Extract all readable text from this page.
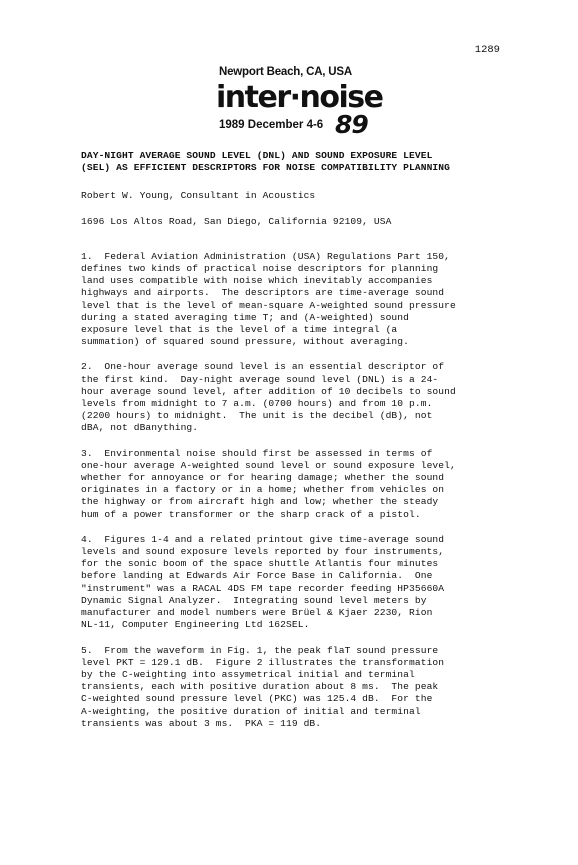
1289
Newport Beach, CA, USA
inter·noise
1989 December 4-6 89

DAY-NIGHT AVERAGE SOUND LEVEL (DNL) AND SOUND EXPOSURE LEVEL

(SEL) AS EFFICIENT DESCRIPTORS FOR NOISE COMPATIBILITY PLANNING

Robert W. Young, Consultant in Acoustics
1696 Los Altos Road, San Diego, California 92109, USA
1.  Federal Aviation Administration (USA) Regulations Part 150,
defines two kinds of practical noise descriptors for planning
land uses compatible with noise which inevitably accompanies
highways and airports.  The descriptors are time-average sound
level that is the level of mean-square A-weighted sound pressure
during a stated averaging time T; and (A-weighted) sound
exposure level that is the level of a time integral (a
summation) of squared sound pressure, without averaging.
2.  One-hour average sound level is an essential descriptor of
the first kind.  Day-night average sound level (DNL) is a 24-
hour average sound level, after addition of 10 decibels to sound
levels from midnight to 7 a.m. (0700 hours) and from 10 p.m.
(2200 hours) to midnight.  The unit is the decibel (dB), not
dBA, not dBanything.
3.  Environmental noise should first be assessed in terms of
one-hour average A-weighted sound level or sound exposure level,
whether for annoyance or for hearing damage; whether the sound
originates in a factory or in a home; whether from vehicles on
the highway or from aircraft high and low; whether the steady
hum of a power transformer or the sharp crack of a pistol.
4.  Figures 1-4 and a related printout give time-average sound
levels and sound exposure levels reported by four instruments,
for the sonic boom of the space shuttle Atlantis four minutes
before landing at Edwards Air Force Base in California.  One
"instrument" was a RACAL 4DS FM tape recorder feeding HP35660A
Dynamic Signal Analyzer.  Integrating sound level meters by
manufacturer and model numbers were Brüel & Kjaer 2230, Rion
NL-11, Computer Engineering Ltd 162SEL.
5.  From the waveform in Fig. 1, the peak flaT sound pressure
level PKT = 129.1 dB.  Figure 2 illustrates the transformation
by the C-weighting into assymetrical initial and terminal
transients, each with positive duration about 8 ms.  The peak
C-weighted sound pressure level (PKC) was 125.4 dB.  For the
A-weighting, the positive duration of initial and terminal
transients was about 3 ms.  PKA = 119 dB.
